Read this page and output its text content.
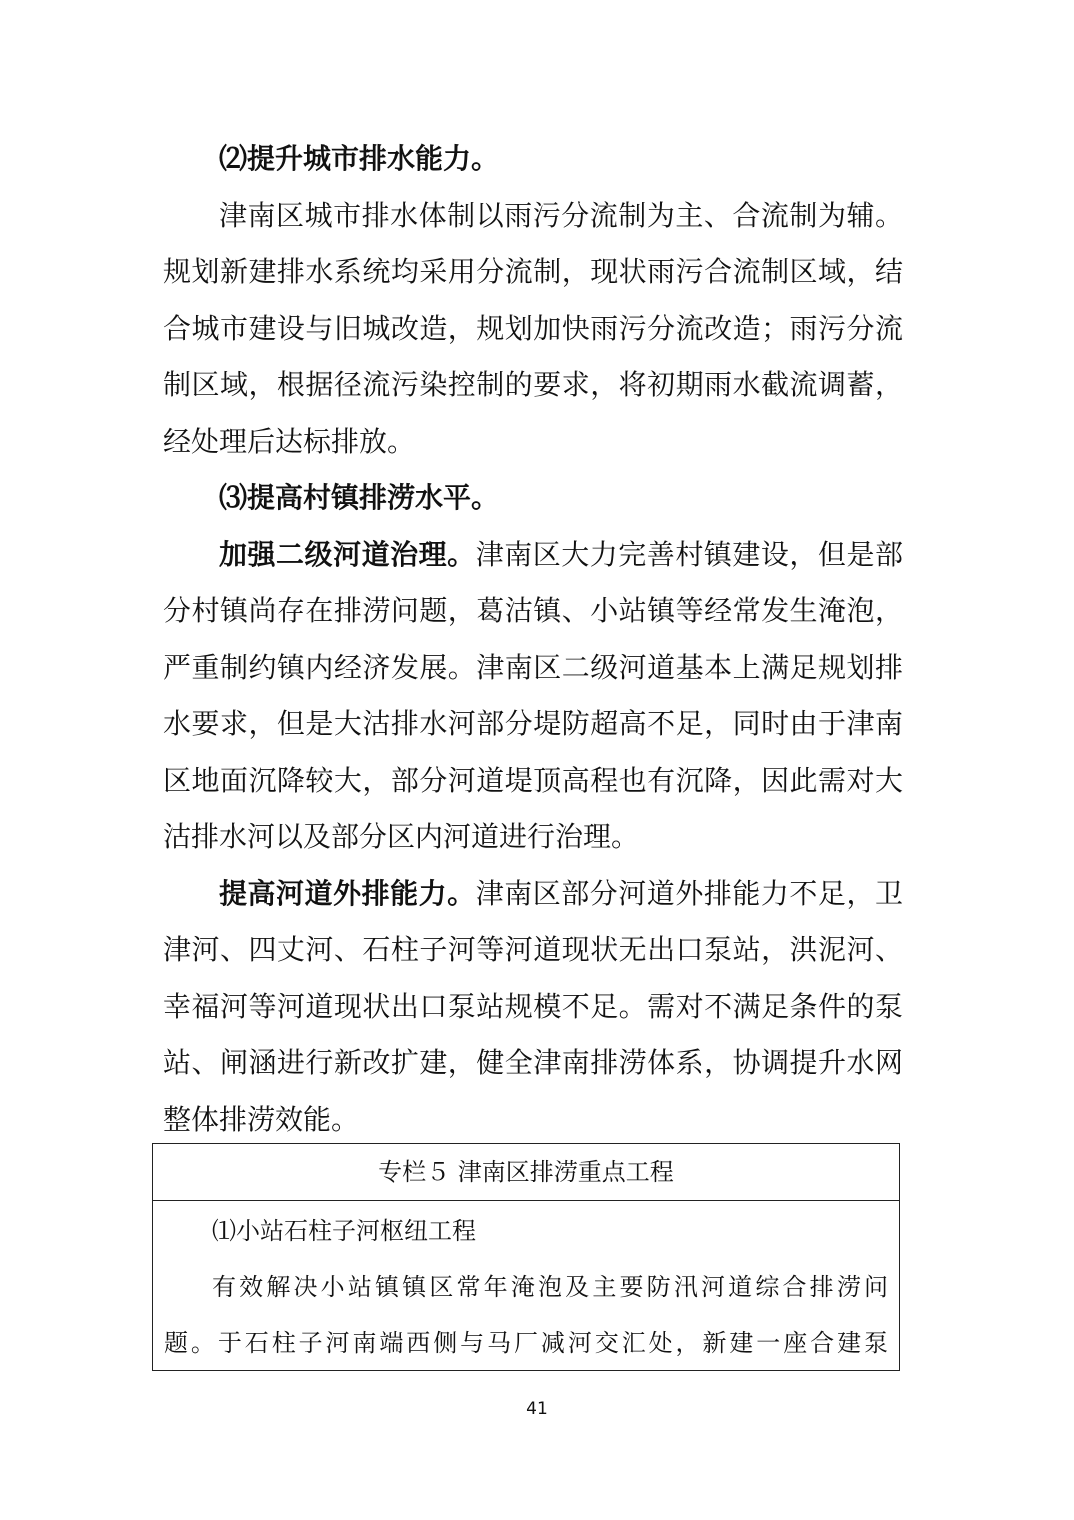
⑵提升城市排水能力。
津南区城市排水体制以雨污分流制为主、合流制为辅。
规划新建排水系统均采用分流制，现状雨污合流制区域，结
合城市建设与旧城改造，规划加快雨污分流改造；雨污分流
制区域，根据径流污染控制的要求，将初期雨水截流调蓄，
经处理后达标排放。
⑶提高村镇排涝水平。
加强二级河道治理。津南区大力完善村镇建设，但是部
分村镇尚存在排涝问题，葛沽镇、小站镇等经常发生淹泡，
严重制约镇内经济发展。津南区二级河道基本上满足规划排
水要求，但是大沽排水河部分堤防超高不足，同时由于津南
区地面沉降较大，部分河道堤顶高程也有沉降，因此需对大
沽排水河以及部分区内河道进行治理。
提高河道外排能力。津南区部分河道外排能力不足，卫
津河、四丈河、石柱子河等河道现状无出口泵站，洪泥河、
幸福河等河道现状出口泵站规模不足。需对不满足条件的泵
站、闸涵进行新改扩建，健全津南排涝体系，协调提升水网
整体排涝效能。
专栏５ 津南区排涝重点工程
⑴小站石柱子河枢纽工程
有效解决小站镇镇区常年淹泡及主要防汛河道综合排涝问
题。于石柱子河南端西侧与马厂减河交汇处，新建一座合建泵
41
